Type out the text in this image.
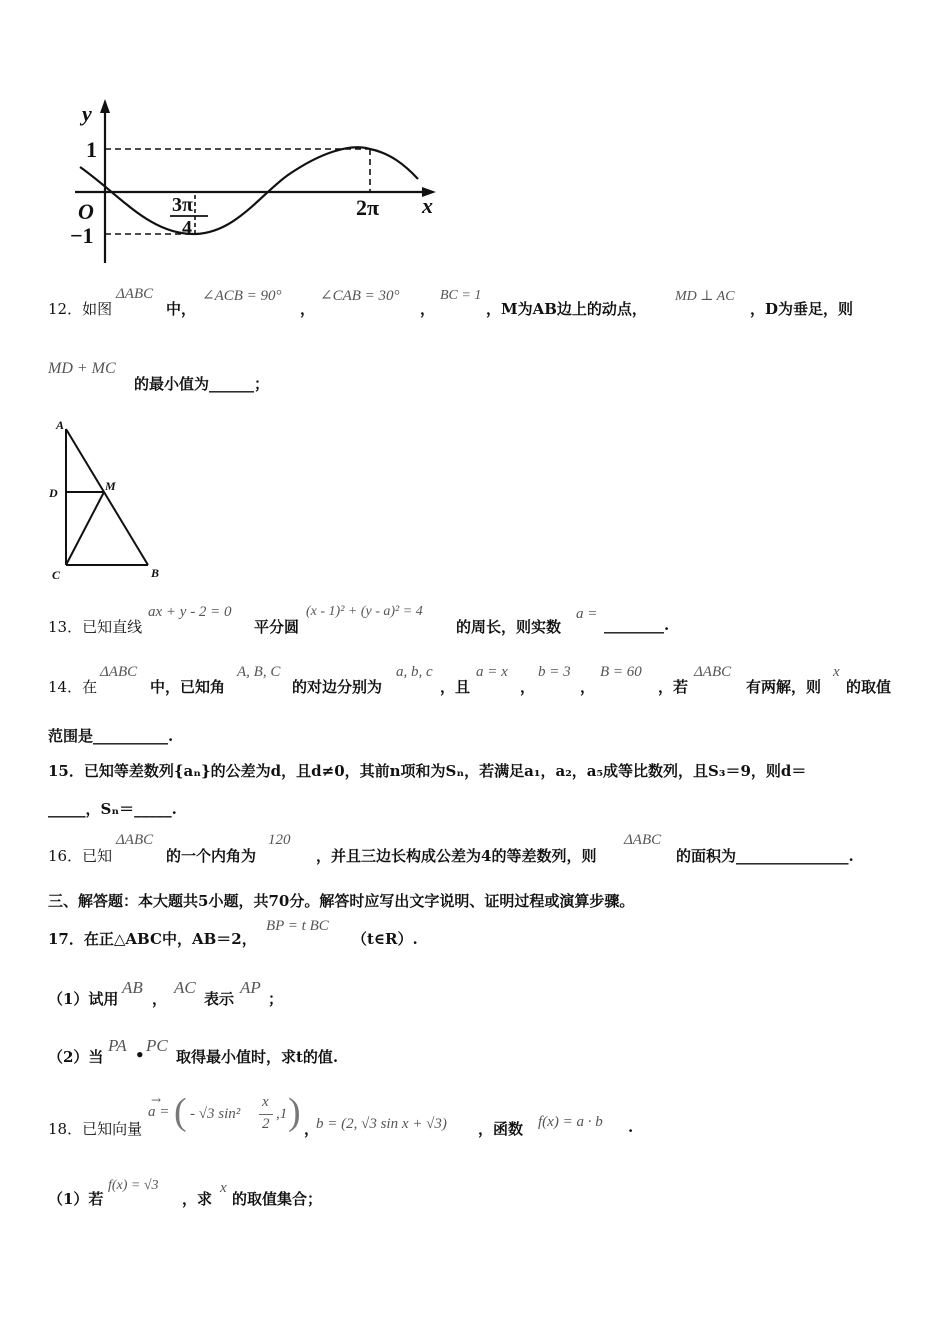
y
x
O
1
−1
3π
4
2π
12．如图
ΔABC
中，
∠ACB = 90°
，
∠CAB = 30°
，
BC = 1
，M为AB边上的动点，
MD ⊥ AC
，D为垂足，则
MD + MC
的最小值为______；
A
D	M
C	B
13．已知直线
ax + y - 2 = 0
平分圆
(x - 1)² + (y - a)² = 4
的周长，则实数
a =
________.
14．在
ΔABC
中，已知角
A, B, C
的对边分别为
a, b, c
，且
a = x
，
b = 3
，
B = 60
，若
ΔABC
有两解，则
x
的取值
范围是__________.
15．已知等差数列{aₙ}的公差为d，且d≠0，其前n项和为Sₙ，若满足a₁，a₂，a₅成等比数列，且S₃＝9，则d＝
_____，Sₙ＝_____.
16．已知
ΔABC
的一个内角为
120
，并且三边长构成公差为4的等差数列，则
ΔABC
的面积为_______________.
三、解答题：本大题共5小题，共70分。解答时应写出文字说明、证明过程或演算步骤。
17．在正△ABC中，AB＝2，
BP = t BC
（t∈R）.
（1）试用
AB
，
AC
表示
AP
；
（2）当
PA • PC
取得最小值时，求t的值.
18．已知向量
→
a = ( - √3 sin²
x
2
,1 ) ，
b = (2, √3 sin x + √3) ，函数 f(x) = a · b .
（1）若
f(x) = √3
，求
x
的取值集合；
